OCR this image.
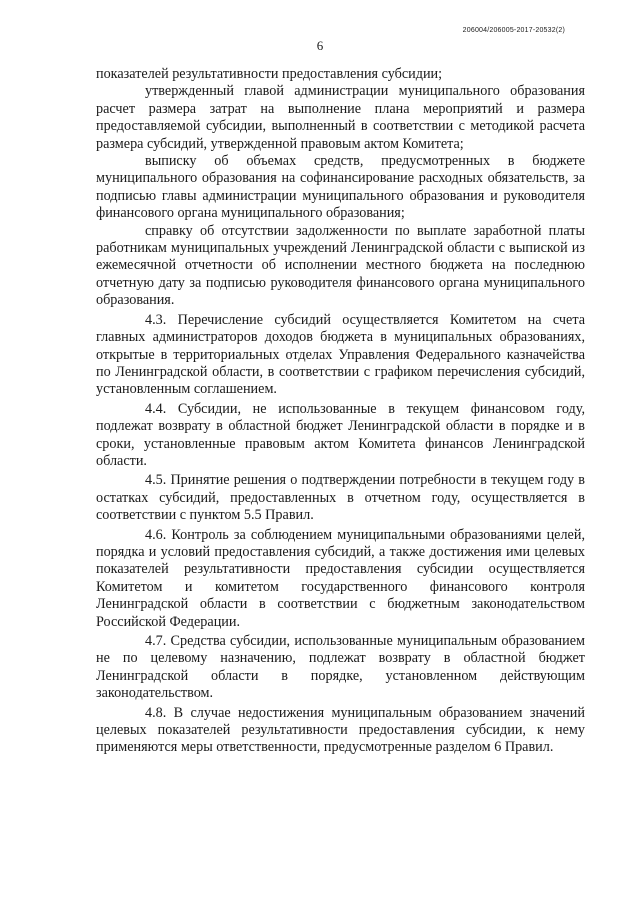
206004/206005-2017-20532(2)
6

показателей результативности предоставления субсидии;

утвержденный главой администрации муниципального образования расчет размера затрат на выполнение плана мероприятий и размера предоставляемой субсидии, выполненный в соответствии с методикой расчета размера субсидий, утвержденной правовым актом Комитета;

выписку об объемах средств, предусмотренных в бюджете муниципального образования на софинансирование расходных обязательств, за подписью главы администрации муниципального образования и руководителя финансового органа муниципального образования;

справку об отсутствии задолженности по выплате заработной платы работникам муниципальных учреждений Ленинградской области с выпиской из ежемесячной отчетности об исполнении местного бюджета на последнюю отчетную дату за подписью руководителя финансового органа муниципального образования.

4.3. Перечисление субсидий осуществляется Комитетом на счета главных администраторов доходов бюджета в муниципальных образованиях, открытые в территориальных отделах Управления Федерального казначейства по Ленинградской области, в соответствии с графиком перечисления субсидий, установленным соглашением.

4.4. Субсидии, не использованные в текущем финансовом году, подлежат возврату в областной бюджет Ленинградской области в порядке и в сроки, установленные правовым актом Комитета финансов Ленинградской области.

4.5. Принятие решения о подтверждении потребности в текущем году в остатках субсидий, предоставленных в отчетном году, осуществляется в соответствии с пунктом 5.5 Правил.

4.6. Контроль за соблюдением муниципальными образованиями целей, порядка и условий предоставления субсидий, а также достижения ими целевых показателей результативности предоставления субсидии осуществляется Комитетом и комитетом государственного финансового контроля Ленинградской области в соответствии с бюджетным законодательством Российской Федерации.

4.7. Средства субсидии, использованные муниципальным образованием не по целевому назначению, подлежат возврату в областной бюджет Ленинградской области в порядке, установленном действующим законодательством.

4.8. В случае недостижения муниципальным образованием значений целевых показателей результативности предоставления субсидии, к нему применяются меры ответственности, предусмотренные разделом 6 Правил.
